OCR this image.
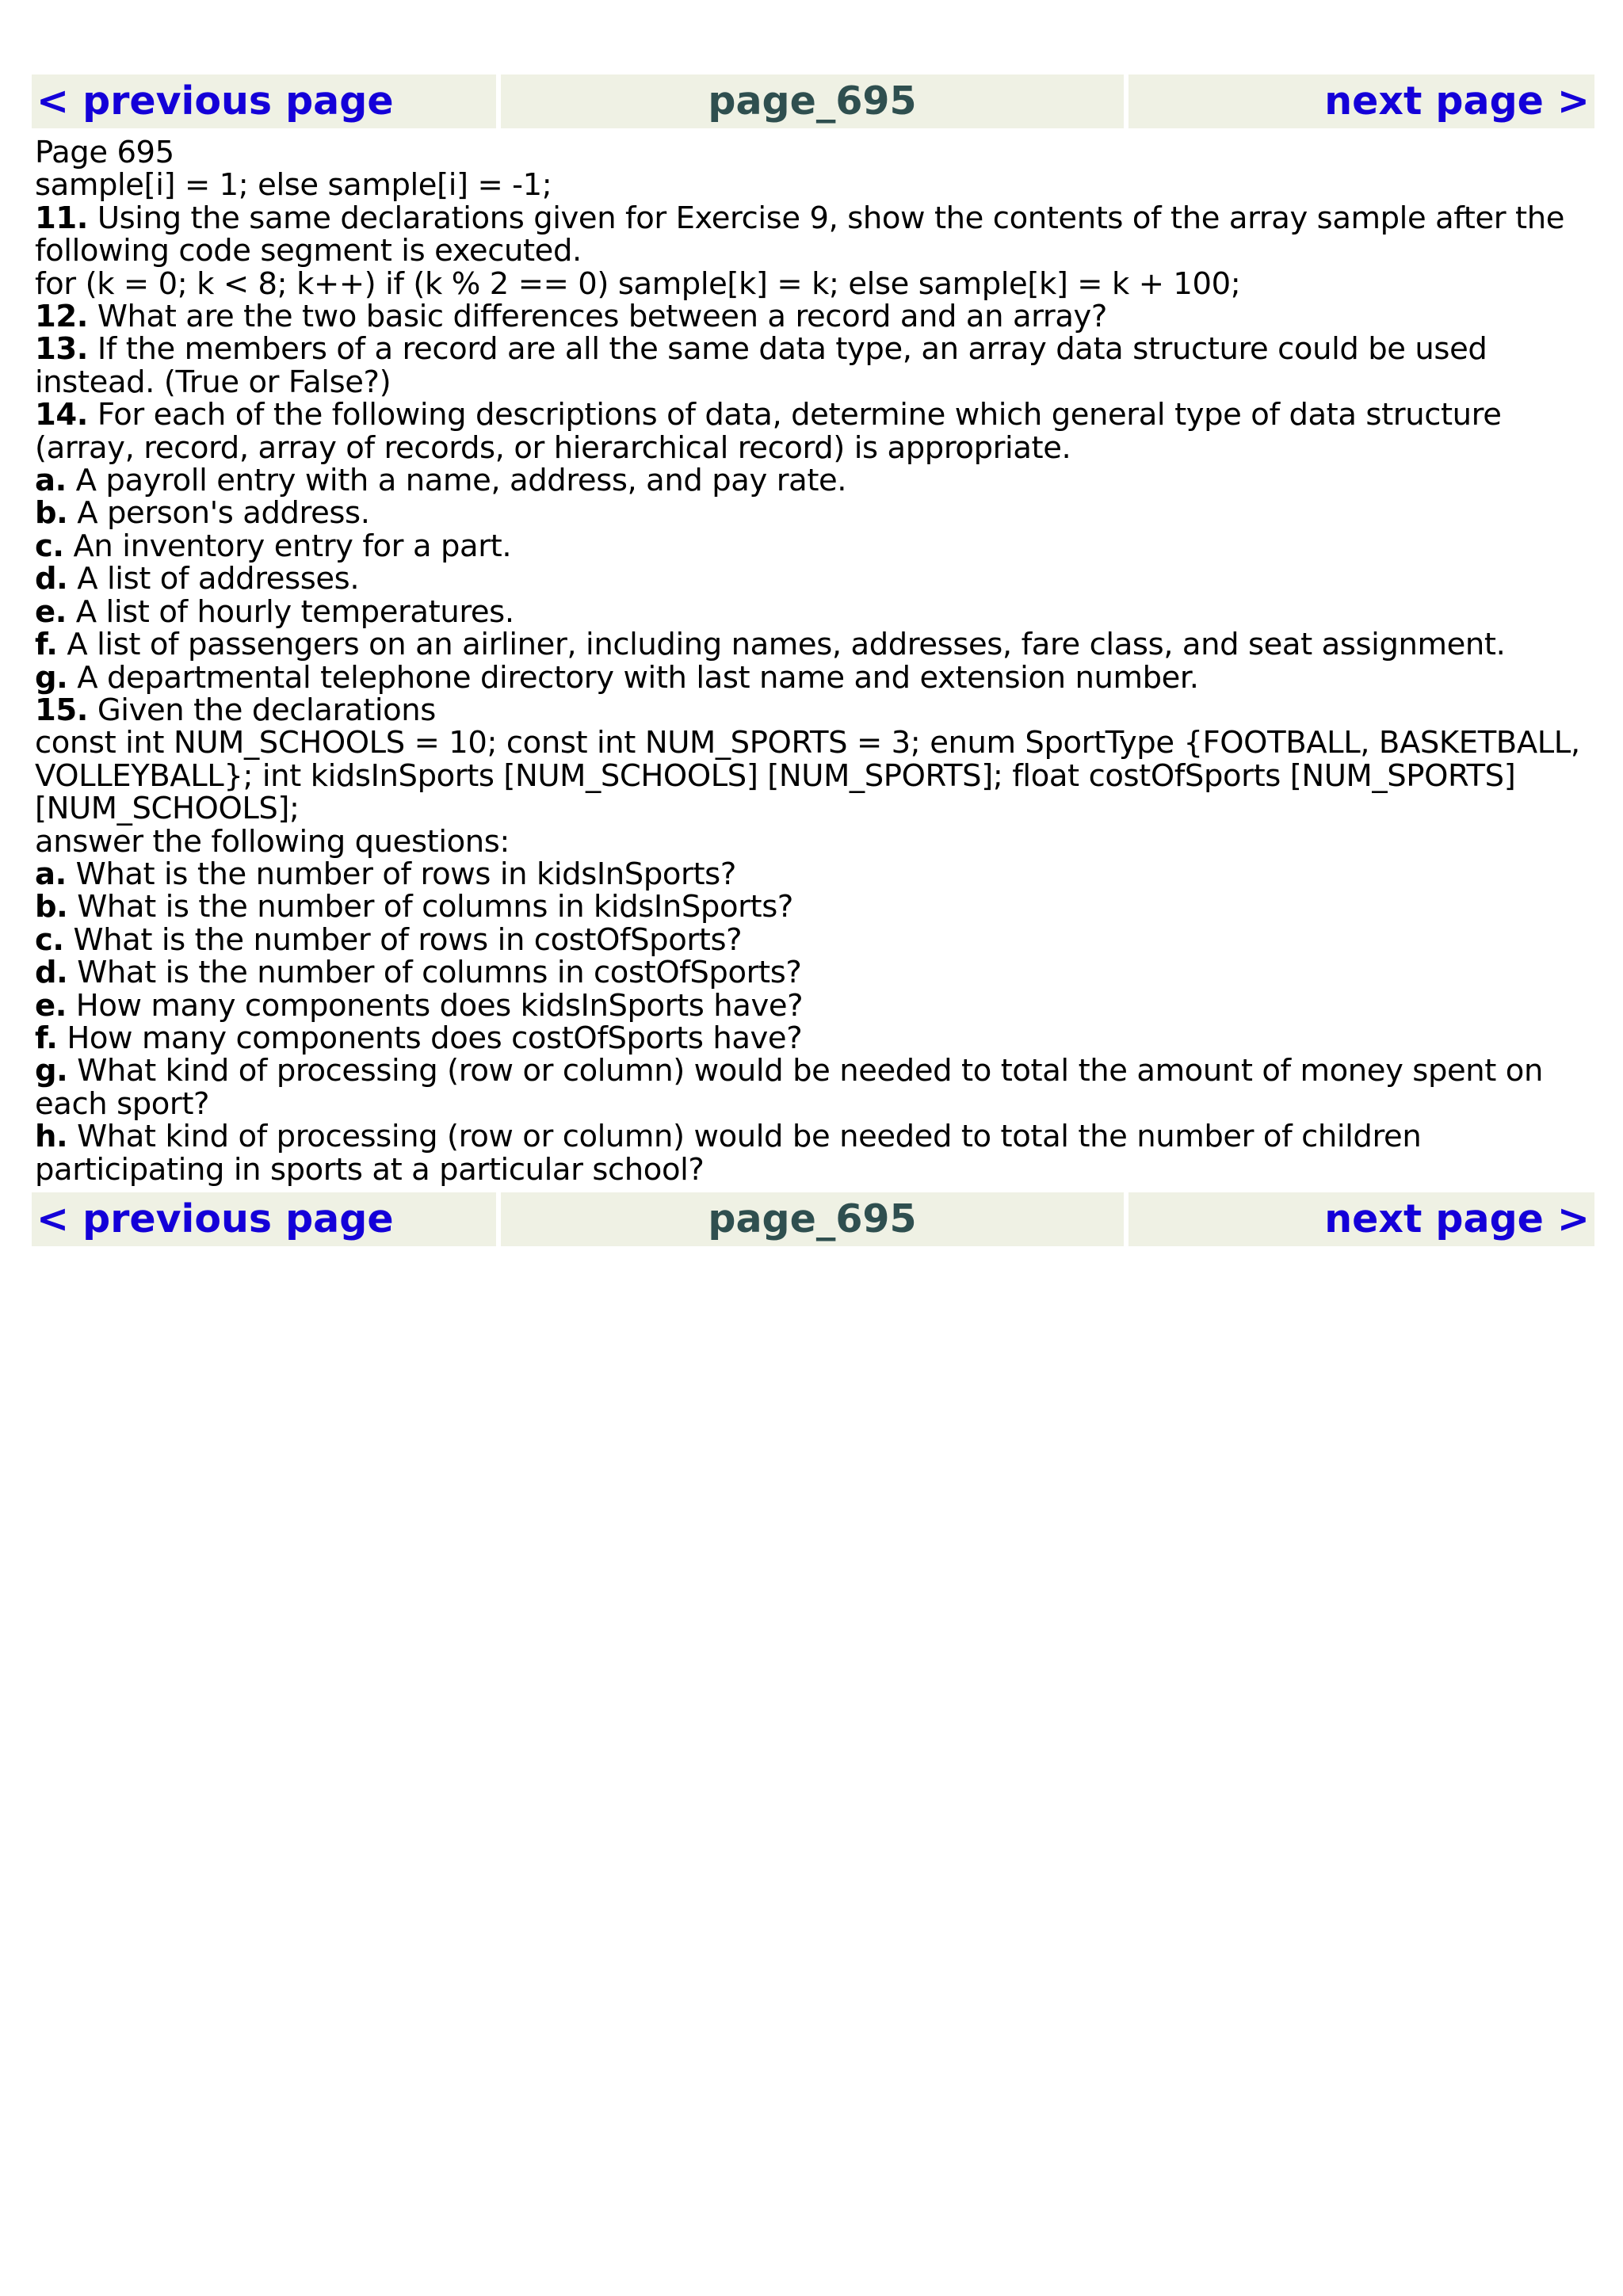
< previous page	page_695	next page >

Page 695

sample[i] = 1; else sample[i] = -1;

11. Using the same declarations given for Exercise 9, show the contents of the array sample after the following code segment is executed.

for (k = 0; k < 8; k++) if (k % 2 == 0) sample[k] = k; else sample[k] = k + 100;

12. What are the two basic differences between a record and an array?

13. If the members of a record are all the same data type, an array data structure could be used instead. (True or False?)

14. For each of the following descriptions of data, determine which general type of data structure (array, record, array of records, or hierarchical record) is appropriate.

a. A payroll entry with a name, address, and pay rate.

b. A person's address.

c. An inventory entry for a part.

d. A list of addresses.

e. A list of hourly temperatures.

f. A list of passengers on an airliner, including names, addresses, fare class, and seat assignment.

g. A departmental telephone directory with last name and extension number.

15. Given the declarations

const int NUM_SCHOOLS = 10; const int NUM_SPORTS = 3; enum SportType {FOOTBALL, BASKETBALL, VOLLEYBALL}; int kidsInSports [NUM_SCHOOLS] [NUM_SPORTS]; float costOfSports [NUM_SPORTS] [NUM_SCHOOLS];

answer the following questions:

a. What is the number of rows in kidsInSports?

b. What is the number of columns in kidsInSports?

c. What is the number of rows in costOfSports?

d. What is the number of columns in costOfSports?

e. How many components does kidsInSports have?

f. How many components does costOfSports have?

g. What kind of processing (row or column) would be needed to total the amount of money spent on each sport?

h. What kind of processing (row or column) would be needed to total the number of children participating in sports at a particular school?

< previous page	page_695	next page >
